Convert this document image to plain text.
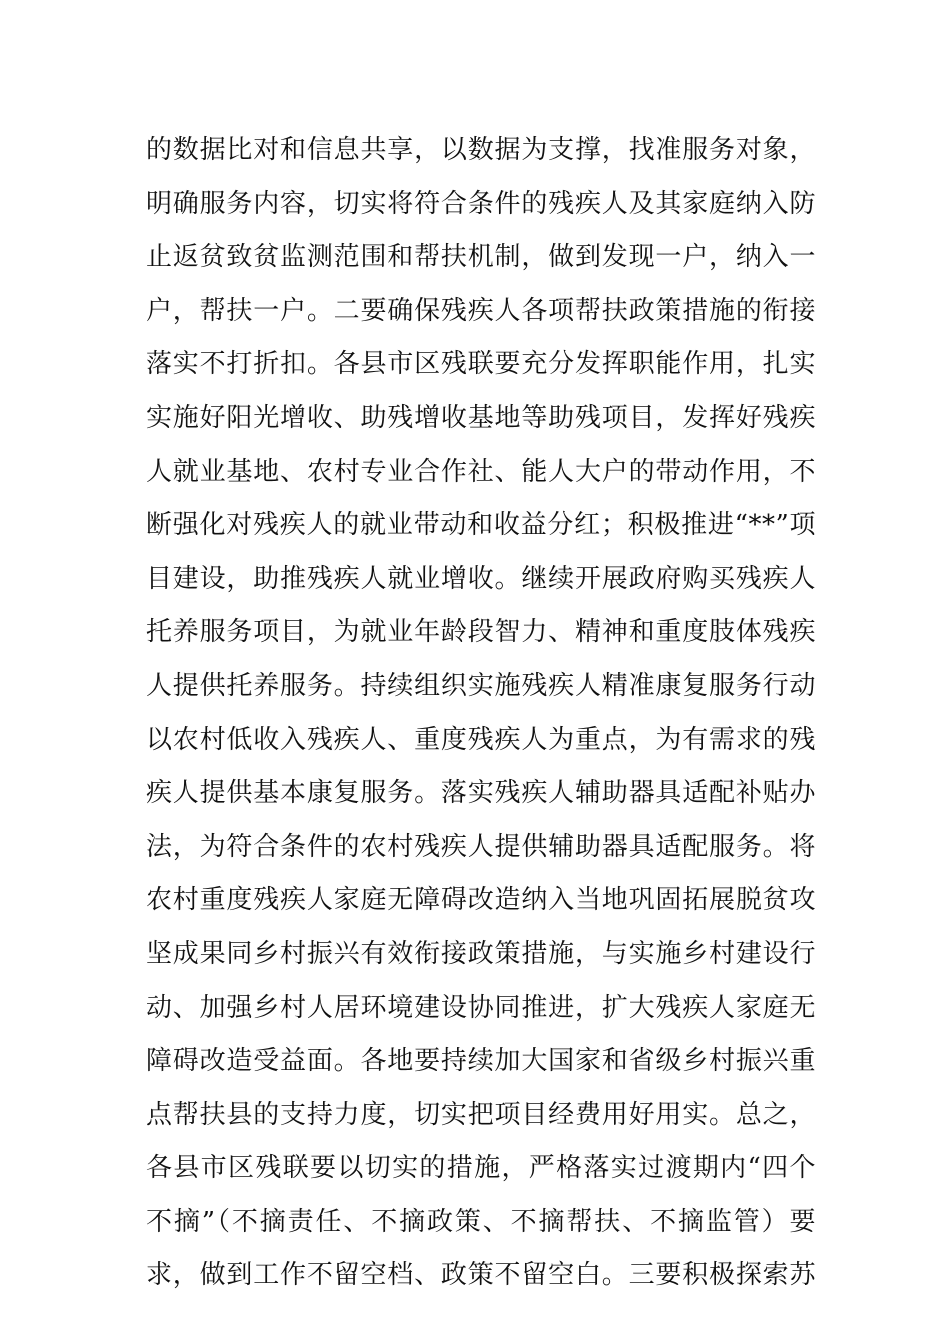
的数据比对和信息共享，以数据为支撑，找准服务对象，
明确服务内容，切实将符合条件的残疾人及其家庭纳入防
止返贫致贫监测范围和帮扶机制，做到发现一户，纳入一
户，帮扶一户。二要确保残疾人各项帮扶政策措施的衔接
落实不打折扣。各县市区残联要充分发挥职能作用，扎实
实施好阳光增收、助残增收基地等助残项目，发挥好残疾
人就业基地、农村专业合作社、能人大户的带动作用，不
断强化对残疾人的就业带动和收益分红；积极推进“**”项
目建设，助推残疾人就业增收。继续开展政府购买残疾人
托养服务项目，为就业年龄段智力、精神和重度肢体残疾
人提供托养服务。持续组织实施残疾人精准康复服务行动
以农村低收入残疾人、重度残疾人为重点，为有需求的残
疾人提供基本康复服务。落实残疾人辅助器具适配补贴办
法，为符合条件的农村残疾人提供辅助器具适配服务。将
农村重度残疾人家庭无障碍改造纳入当地巩固拓展脱贫攻
坚成果同乡村振兴有效衔接政策措施，与实施乡村建设行
动、加强乡村人居环境建设协同推进，扩大残疾人家庭无
障碍改造受益面。各地要持续加大国家和省级乡村振兴重
点帮扶县的支持力度，切实把项目经费用好用实。总之，
各县市区残联要以切实的措施，严格落实过渡期内“四个
不摘”（不摘责任、不摘政策、不摘帮扶、不摘监管）要
求，做到工作不留空档、政策不留空白。三要积极探索苏
